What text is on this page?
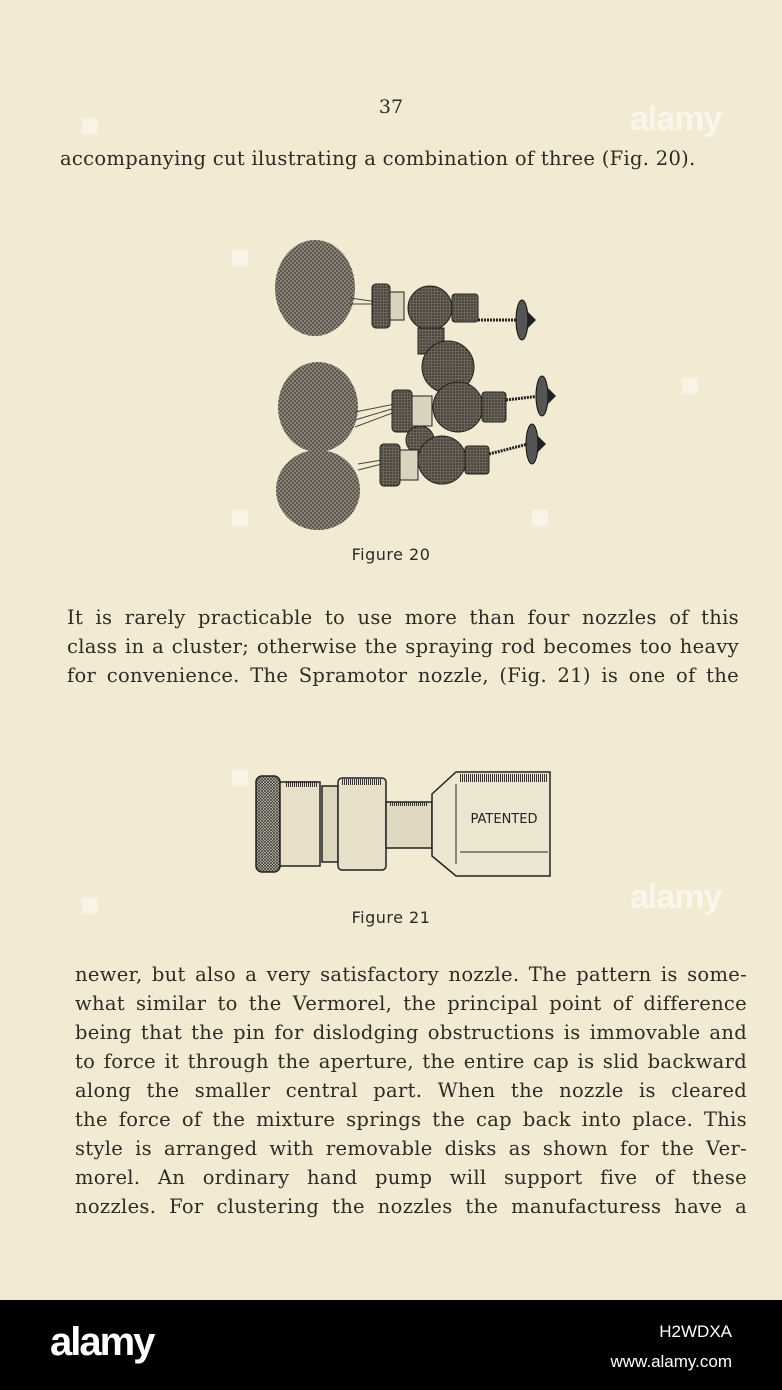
37
accompanying cut ilustrating a combination of three (Fig. 20).
Figure 20
It is rarely practicable to use more than four nozzles of this
class in a cluster; otherwise the spraying rod becomes too heavy
for convenience. The Spramotor nozzle, (Fig. 21) is one of the
PATENTED
Figure 21
newer, but also a very satisfactory nozzle. The pattern is some-
what similar to the Vermorel, the principal point of difference
being that the pin for dislodging obstructions is immovable and
to force it through the aperture, the entire cap is slid backward
along the smaller central part. When the nozzle is cleared
the force of the mixture springs the cap back into place. This
style is arranged with removable disks as shown for the Ver-
morel. An ordinary hand pump will support five of these
nozzles. For clustering the nozzles the manufacturess have a
alamy
alamy
alamy	H2WDXA
www.alamy.com
